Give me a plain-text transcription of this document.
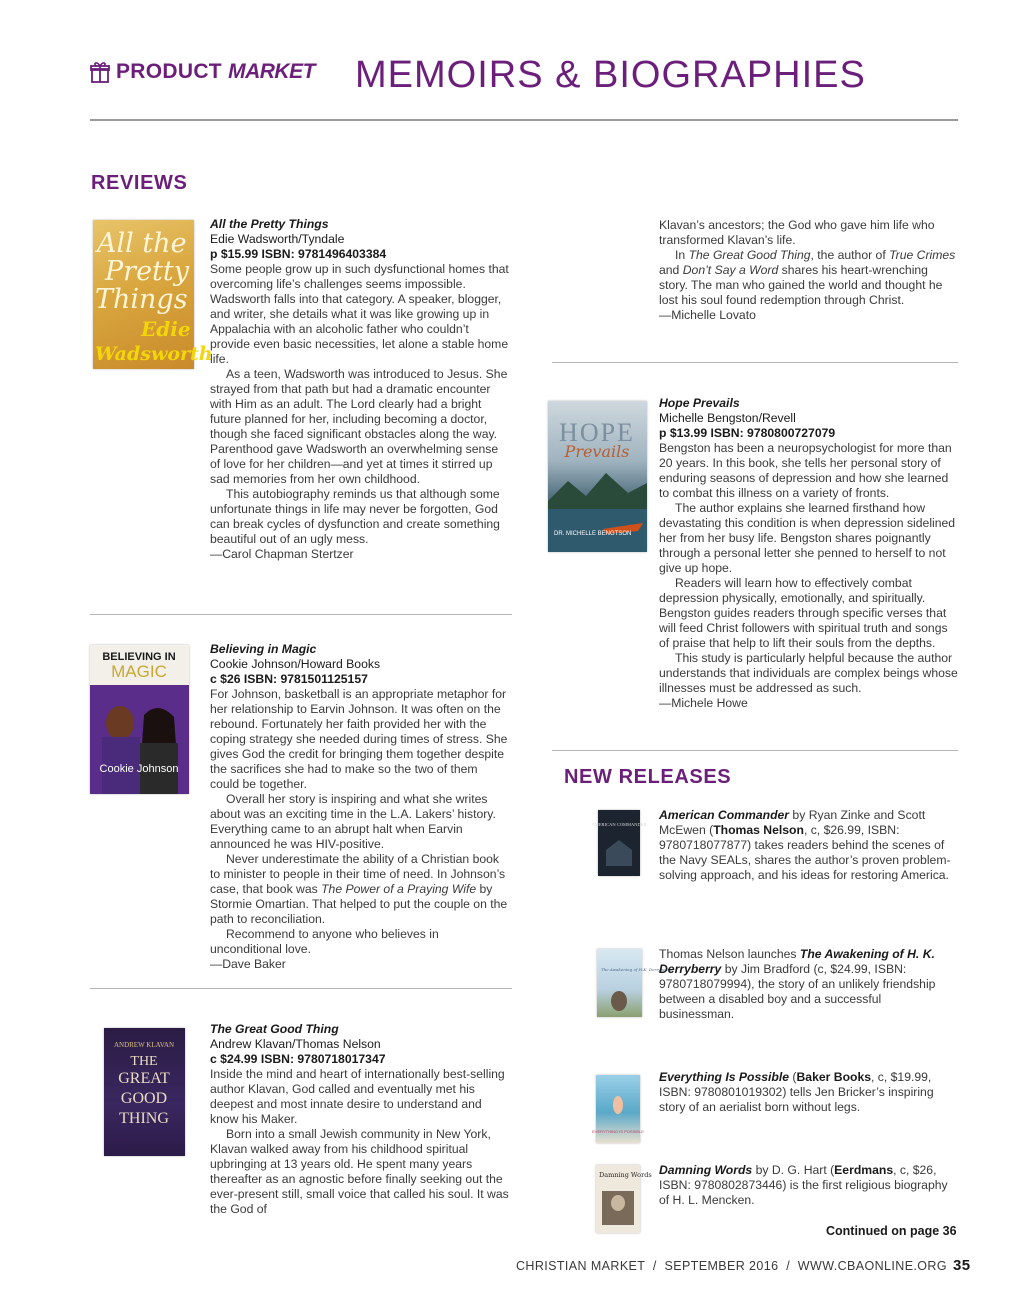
PRODUCT MARKET MEMOIRS & BIOGRAPHIES
REVIEWS
All the
Pretty
Things
Edie
Wadsworth

All the Pretty Things

Edie Wadsworth/Tyndale

p $15.99 ISBN: 9781496403384

Some people grow up in such dysfunctional homes that overcoming life’s challenges seems impossible. Wadsworth falls into that category. A speaker, blogger, and writer, she details what it was like growing up in Appalachia with an alcoholic father who couldn’t provide even basic necessities, let alone a stable home life.

As a teen, Wadsworth was introduced to Jesus. She strayed from that path but had a dramatic encounter with Him as an adult. The Lord clearly had a bright future planned for her, including becoming a doctor, though she faced significant obstacles along the way. Parenthood gave Wadsworth an overwhelming sense of love for her children—and yet at times it stirred up sad memories from her own childhood.

This autobiography reminds us that although some unfortunate things in life may never be forgotten, God can break cycles of dysfunction and create something beautiful out of an ugly mess.

—Carol Chapman Stertzer

BELIEVING IN
MAGIC
Cookie Johnson

Believing in Magic

Cookie Johnson/Howard Books

c $26 ISBN: 9781501125157

For Johnson, basketball is an appropriate metaphor for her relationship to Earvin Johnson. It was often on the rebound. Fortunately her faith provided her with the coping strategy she needed during times of stress. She gives God the credit for bringing them together despite the sacrifices she had to make so the two of them could be together.

Overall her story is inspiring and what she writes about was an exciting time in the L.A. Lakers’ history. Everything came to an abrupt halt when Earvin announced he was HIV-positive.

Never underestimate the ability of a Christian book to minister to people in their time of need. In Johnson’s case, that book was The Power of a Praying Wife by Stormie Omartian. That helped to put the couple on the path to reconciliation.

Recommend to anyone who believes in unconditional love.

—Dave Baker

ANDREW KLAVAN
THE
GREAT
GOOD
THING

The Great Good Thing

Andrew Klavan/Thomas Nelson

c $24.99 ISBN: 9780718017347

Inside the mind and heart of internationally best-selling author Klavan, God called and eventually met his deepest and most innate desire to understand and know his Maker.

Born into a small Jewish community in New York, Klavan walked away from his childhood spiritual upbringing at 13 years old. He spent many years thereafter as an agnostic before finally seeking out the ever-present still, small voice that called his soul. It was the God of

Klavan’s ancestors; the God who gave him life who transformed Klavan’s life.

In The Great Good Thing, the author of True Crimes and Don’t Say a Word shares his heart-wrenching story. The man who gained the world and thought he lost his soul found redemption through Christ.

—Michelle Lovato

HOPE
Prevails
DR. MICHELLE BENGTSON

Hope Prevails

Michelle Bengston/Revell

p $13.99 ISBN: 9780800727079

Bengston has been a neuropsychologist for more than 20 years. In this book, she tells her personal story of enduring seasons of depression and how she learned to combat this illness on a variety of fronts.

The author explains she learned firsthand how devastating this condition is when depression sidelined her from her busy life. Bengston shares poignantly through a personal letter she penned to herself to not give up hope.

Readers will learn how to effectively combat depression physically, emotionally, and spiritually. Bengston guides readers through specific verses that will feed Christ followers with spiritual truth and songs of praise that help to lift their souls from the depths.

This study is particularly helpful because the author understands that individuals are complex beings whose illnesses must be addressed as such.

—Michele Howe

NEW RELEASES
AMERICAN COMMANDER
American Commander by Ryan Zinke and Scott McEwen (Thomas Nelson, c, $26.99, ISBN: 9780718077877) takes readers behind the scenes of the Navy SEALs, shares the author’s proven problem-solving approach, and his ideas for restoring America.
The Awakening of H.K. Derryberry
Thomas Nelson launches The Awakening of H. K. Derryberry by Jim Bradford (c, $24.99, ISBN: 9780718079994), the story of an unlikely friendship between a disabled boy and a successful businessman.
EVERYTHING IS POSSIBLE
Everything Is Possible (Baker Books, c, $19.99, ISBN: 9780801019302) tells Jen Bricker’s inspiring story of an aerialist born without legs.
Damning Words Damning Words by D. G. Hart (Eerdmans, c, $26, ISBN: 9780802873446) is the first religious biography of H. L. Mencken.
Continued on page 36
CHRISTIAN MARKET  /  SEPTEMBER 2016  /  WWW.CBAONLINE.ORG 35
